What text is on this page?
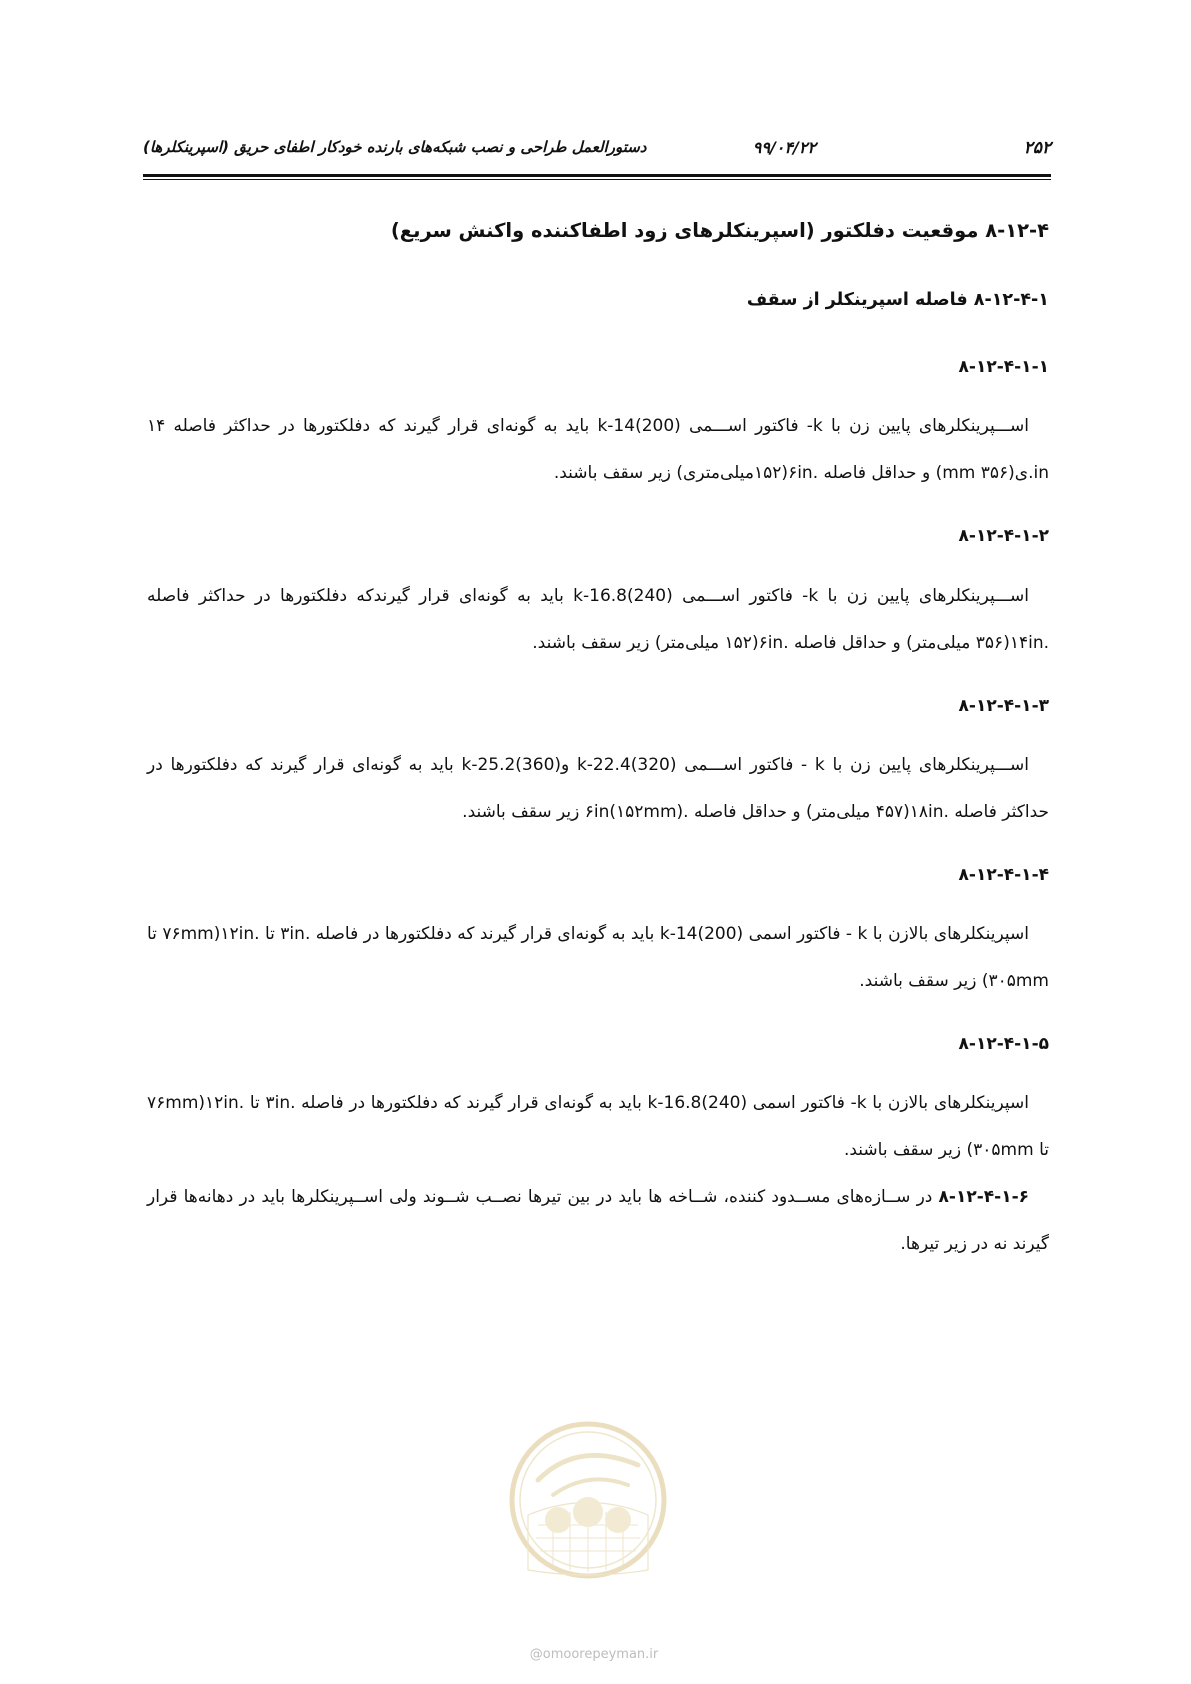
۲۵۲
۹۹/۰۴/۲۲
دستورالعمل طراحی و نصب شبکه‌های بارنده خودکار اطفای حریق (اسپرینکلرها)
۸-۱۲-۴ موقعیت دفلکتور (اسپرینکلرهای زود اطفاکننده واکنش سریع)
۸-۱۲-۴-۱ فاصله اسپرینکلر از سقف
۸-۱۲-۴-۱-۱
اســـپرینکلرهای پایین زن با k- فاکتور اســـمی k-14(200) باید به گونه‌ای قرار گیرند که دفلکتورها در حداکثر فاصله ۱۴ in.ی(۳۵۶ mm) و حداقل فاصله .۶in(۱۵۲میلی‌متری) زیر سقف باشند.
۸-۱۲-۴-۱-۲
اســـپرینکلرهای پایین زن با k- فاکتور اســـمی k-16.8(240) باید به گونه‌ای قرار گیرندکه دفلکتورها در حداکثر فاصله .۱۴in(۳۵۶ میلی‌متر) و حداقل فاصله .۶in(۱۵۲ میلی‌متر) زیر سقف باشند.
۸-۱۲-۴-۱-۳
اســـپرینکلرهای پایین زن با k - فاکتور اســـمی k-22.4(320) وk-25.2(360) باید به گونه‌ای قرار گیرند که دفلکتورها در حداکثر فاصله .۱۸in(۴۵۷ میلی‌متر) و حداقل فاصله .۶in(۱۵۲mm) زیر سقف باشند.
۸-۱۲-۴-۱-۴
اسپرینکلرهای بالازن با k - فاکتور اسمی k-14(200) باید به گونه‌ای قرار گیرند که دفلکتورها در فاصله .۳in تا .۱۲in(۷۶mm تا ۳۰۵mm) زیر سقف باشند.
۸-۱۲-۴-۱-۵
اسپرینکلرهای بالازن با k- فاکتور اسمی k-16.8(240) باید به گونه‌ای قرار گیرند که دفلکتورها در فاصله .۳in تا .۱۲in(۷۶mm تا ۳۰۵mm) زیر سقف باشند.
۸-۱۲-۴-۱-۶ در ســازه‌های مســدود کننده، شــاخه ها باید در بین تیرها نصــب شــوند ولی اســپرینکلرها باید در دهانه‌ها قرار گیرند نه در زیر تیرها.
@omoorepeyman.ir
